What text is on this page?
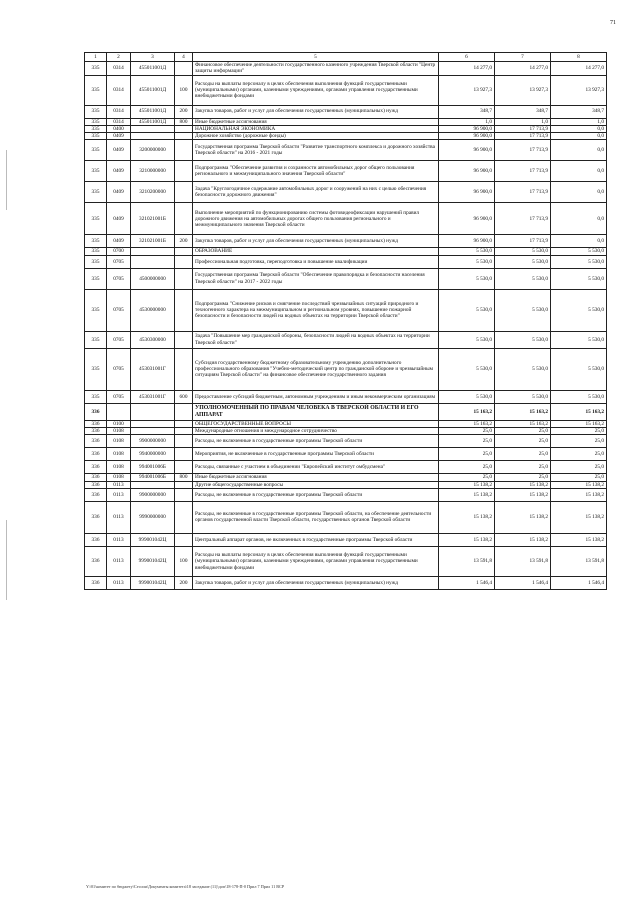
71
1	2	3	4	5	6	7	8
335	0314	455011001Д		Финансовое обеспечение деятельности государственного казенного учреждения Тверской области "Центр защиты информации"	14 277,0	14 277,0	14 277,0
335	0314	455011001Д	100	Расходы на выплаты персоналу в целях обеспечения выполнения функций государственными (муниципальными) органами, казенными учреждениями, органами управления государственными внебюджетными фондами	13 927,3	13 927,3	13 927,3
335	0314	455011001Д	200	Закупка товаров, работ и услуг для обеспечения государственных (муниципальных) нужд	348,7	348,7	348,7
335	0314	455011001Д	800	Иные бюджетные ассигнования	1,0	1,0	1,0
335	0400			НАЦИОНАЛЬНАЯ ЭКОНОМИКА	96 900,0	17 713,9	0,0
335	0409			Дорожное хозяйство (дорожные фонды)	96 900,0	17 713,9	0,0
335	0409	3200000000		Государственная программа Тверской области "Развитие транспортного комплекса и дорожного хозяйства Тверской области" на 2016 - 2021 годы	96 900,0	17 713,9	0,0
335	0409	3210000000		Подпрограмма "Обеспечение развития и сохранности автомобильных дорог общего пользования регионального и межмуниципального значения Тверской области"	96 900,0	17 713,9	0,0
335	0409	3210200000		Задача "Круглогодичное содержание автомобильных дорог и сооружений на них с целью обеспечения безопасности дорожного движения"	96 900,0	17 713,9	0,0
335	0409	321021001Б		Выполнение мероприятий по функционированию системы фотовидеофиксации нарушений правил дорожного движения на автомобильных дорогах общего пользования регионального и межмуниципального значения Тверской области	96 900,0	17 713,9	0,0
335	0409	321021001Б	200	Закупка товаров, работ и услуг для обеспечения государственных (муниципальных) нужд	96 900,0	17 713,9	0,0
335	0700			ОБРАЗОВАНИЕ	5 530,0	5 530,0	5 530,0
335	0705			Профессиональная подготовка, переподготовка и повышение квалификации	5 530,0	5 530,0	5 530,0
335	0705	4500000000		Государственная программа Тверской области "Обеспечение правопорядка и безопасности населения Тверской области" на 2017 - 2022 годы	5 530,0	5 530,0	5 530,0
335	0705	4530000000		Подпрограмма "Снижение рисков и смягчение последствий чрезвычайных ситуаций природного и техногенного характера на межмуниципальном и региональном уровнях, повышение пожарной безопасности и безопасности людей на водных объектах на территории Тверской области"	5 530,0	5 530,0	5 530,0
335	0705	4530300000		Задача "Повышение мер гражданской обороны, безопасности людей на водных объектах на территории Тверской области"	5 530,0	5 530,0	5 530,0
335	0705	453031001Г		Субсидия государственному бюджетному образовательному учреждению дополнительного профессионального образования "Учебно-методический центр по гражданской обороне и чрезвычайным ситуациям Тверской области" на финансовое обеспечение государственного задания	5 530,0	5 530,0	5 530,0
335	0705	453031001Г	600	Предоставление субсидий бюджетным, автономным учреждениям и иным некоммерческим организациям	5 530,0	5 530,0	5 530,0
336				УПОЛНОМОЧЕННЫЙ ПО ПРАВАМ ЧЕЛОВЕКА В ТВЕРСКОЙ ОБЛАСТИ И ЕГО АППАРАТ	15 163,2	15 163,2	15 163,2
336	0100			ОБЩЕГОСУДАРСТВЕННЫЕ ВОПРОСЫ	15 163,2	15 163,2	15 163,2
336	0108			Международные отношения и международное сотрудничество	25,0	25,0	25,0
336	0108	9900000000		Расходы, не включенные в государственные программы Тверской области	25,0	25,0	25,0
336	0108	9940000000		Мероприятия, не включенные в государственные программы Тверской области	25,0	25,0	25,0
336	0108	994001006Б		Расходы, связанные с участием в объединении "Европейский институт омбудсмена"	25,0	25,0	25,0
336	0108	994001006Б	800	Иные бюджетные ассигнования	25,0	25,0	25,0
336	0113			Другие общегосударственные вопросы	15 138,2	15 138,2	15 138,2
336	0113	9900000000		Расходы, не включенные в государственные программы Тверской области	15 138,2	15 138,2	15 138,2
336	0113	9990000000		Расходы, не включенные в государственные программы Тверской области, на обеспечение деятельности органов государственной власти Тверской области, государственных органов Тверской области	15 138,2	15 138,2	15 138,2
336	0113	999001042Ц		Центральный аппарат органов, не включенных в государственные программы Тверской области	15 138,2	15 138,2	15 138,2
336	0113	999001042Ц	100	Расходы на выплаты персоналу в целях обеспечения выполнения функций государственными (муниципальными) органами, казенными учреждениями, органами управления государственными внебюджетными фондами	13 591,8	13 591,8	13 591,8
336	0113	999001042Ц	200	Закупка товаров, работ и услуг для обеспечения государственных (муниципальных) нужд	1 546,4	1 546,4	1 546,4
Y:\01\комитет по бюджету\Сессии\Документы комитета\18 заседание (11)\доп\18-178-П-0 Прил 7 Прил 11 ВСР
